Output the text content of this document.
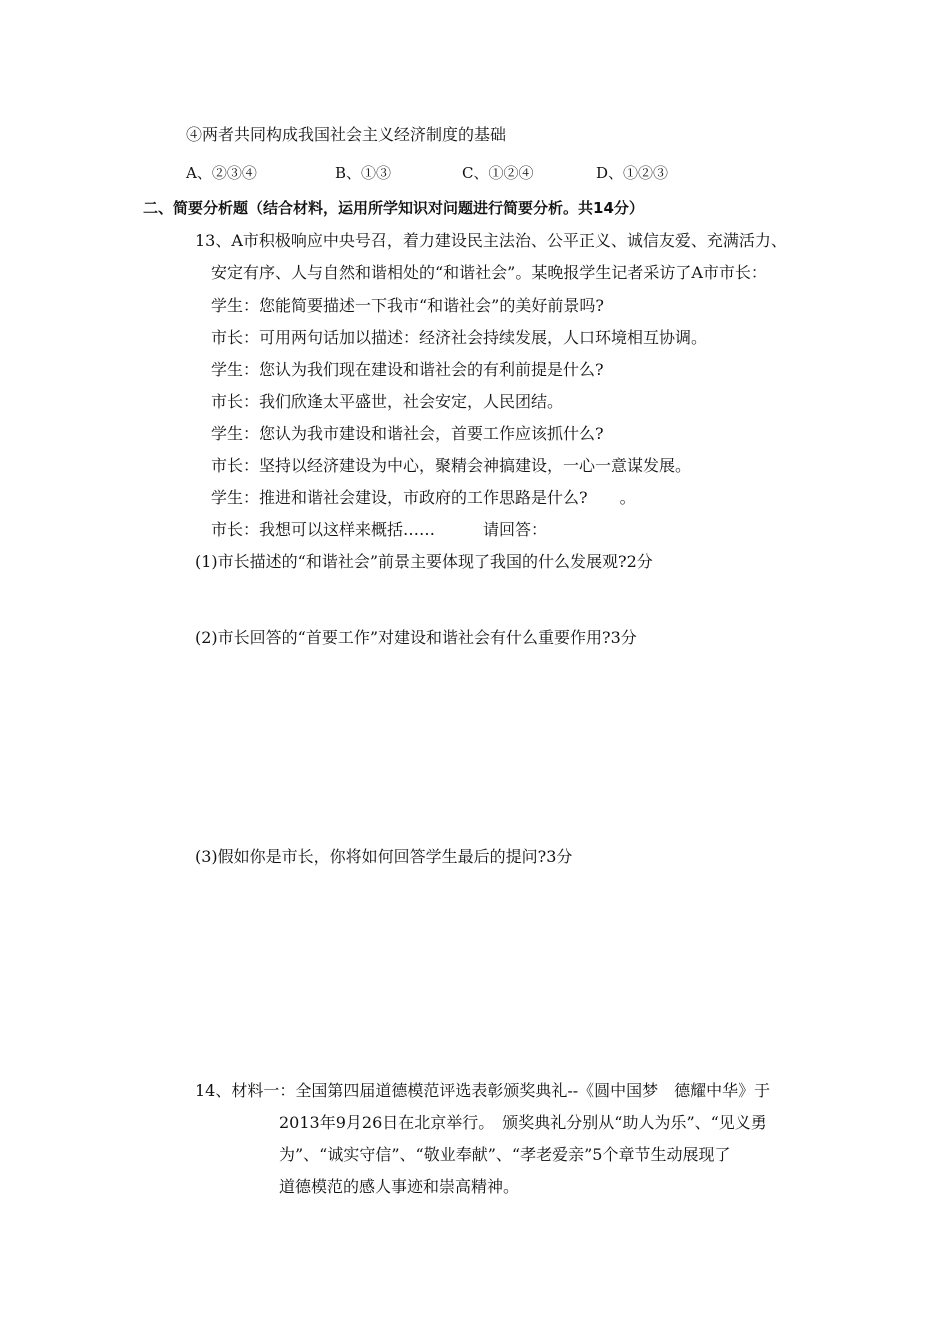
④两者共同构成我国社会主义经济制度的基础
A、②③④	B、①③	C、①②④	D、①②③
二、简要分析题（结合材料，运用所学知识对问题进行简要分析。共14分）
13、A市积极响应中央号召，着力建设民主法治、公平正义、诚信友爱、充满活力、
安定有序、人与自然和谐相处的“和谐社会”。某晚报学生记者采访了A市市长：
学生：您能简要描述一下我市“和谐社会”的美好前景吗?
市长：可用两句话加以描述：经济社会持续发展，人口环境相互协调。
学生：您认为我们现在建设和谐社会的有利前提是什么?
市长：我们欣逢太平盛世，社会安定，人民团结。
学生：您认为我市建设和谐社会，首要工作应该抓什么?
市长：坚持以经济建设为中心，聚精会神搞建设，一心一意谋发展。
学生：推进和谐社会建设，市政府的工作思路是什么?　　。
市长：我想可以这样来概括……　　　请回答：
(1)市长描述的“和谐社会”前景主要体现了我国的什么发展观?2分
(2)市长回答的“首要工作”对建设和谐社会有什么重要作用?3分
(3)假如你是市长，你将如何回答学生最后的提问?3分
14、材料一：全国第四届道德模范评选表彰颁奖典礼--《圆中国梦　德耀中华》于
2013年9月26日在北京举行。　颁奖典礼分别从“助人为乐”、“见义勇
为”、“诚实守信”、“敬业奉献”、“孝老爱亲”5个章节生动展现了
道德模范的感人事迹和崇高精神。
